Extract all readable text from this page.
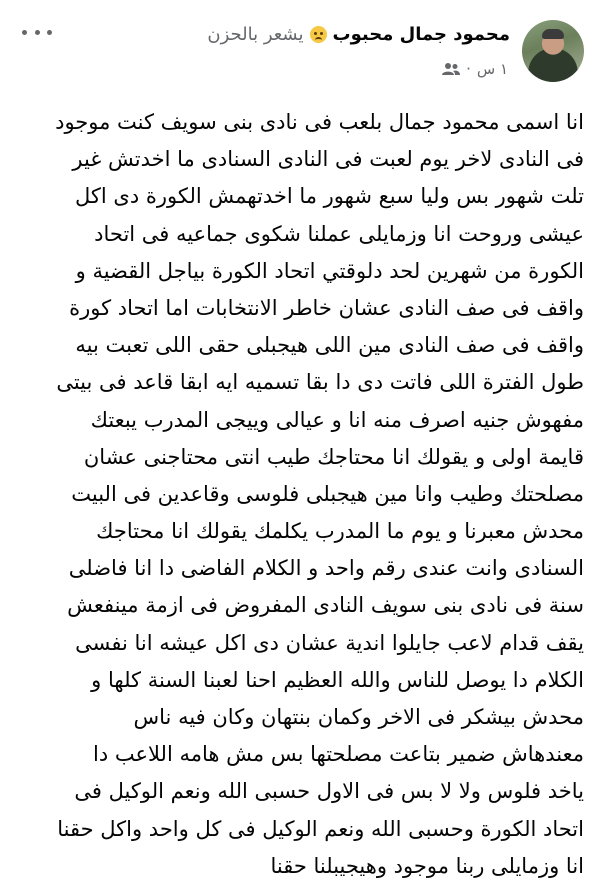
محمود جمال محبوب
يشعر بالحزن
١ س
·
انا اسمى محمود جمال بلعب فى نادى بنى سويف كنت موجود
فى النادى لاخر يوم لعبت فى النادى السنادى ما اخدتش غير
تلت شهور بس وليا سبع شهور ما اخدتهمش الكورة دى اكل
عيشى وروحت انا وزمايلى عملنا شكوى جماعيه فى اتحاد
الكورة من شهرين لحد دلوقتي اتحاد الكورة بياجل القضية و
واقف فى صف النادى عشان خاطر الانتخابات اما اتحاد كورة
واقف فى صف النادى مين اللى هيجبلى حقى اللى تعبت بيه
طول الفترة اللى فاتت دى دا بقا تسميه ايه ابقا قاعد فى بيتى
مفهوش جنيه اصرف منه انا و عيالى وييجى المدرب يبعتك
قايمة اولى و يقولك انا محتاجك طيب انتى محتاجنى عشان
مصلحتك وطيب وانا مين هيجبلى فلوسى وقاعدين فى البيت
محدش معبرنا و يوم ما المدرب يكلمك يقولك انا محتاجك
السنادى وانت عندى رقم واحد و الكلام الفاضى دا انا فاضلى
سنة فى نادى بنى سويف النادى المفروض فى ازمة مينفعش
يقف قدام لاعب جايلوا اندية عشان دى اكل عيشه انا نفسى
الكلام دا يوصل للناس والله العظيم احنا لعبنا السنة كلها و
محدش بيشكر فى الاخر وكمان بنتهان وكان فيه ناس
معندهاش ضمير بتاعت مصلحتها بس مش هامه اللاعب دا
ياخد فلوس ولا لا بس فى الاول حسبى الله ونعم الوكيل فى
اتحاد الكورة وحسبى الله ونعم الوكيل فى كل واحد واكل حقنا
انا وزمايلى ربنا موجود وهيجيبلنا حقنا
